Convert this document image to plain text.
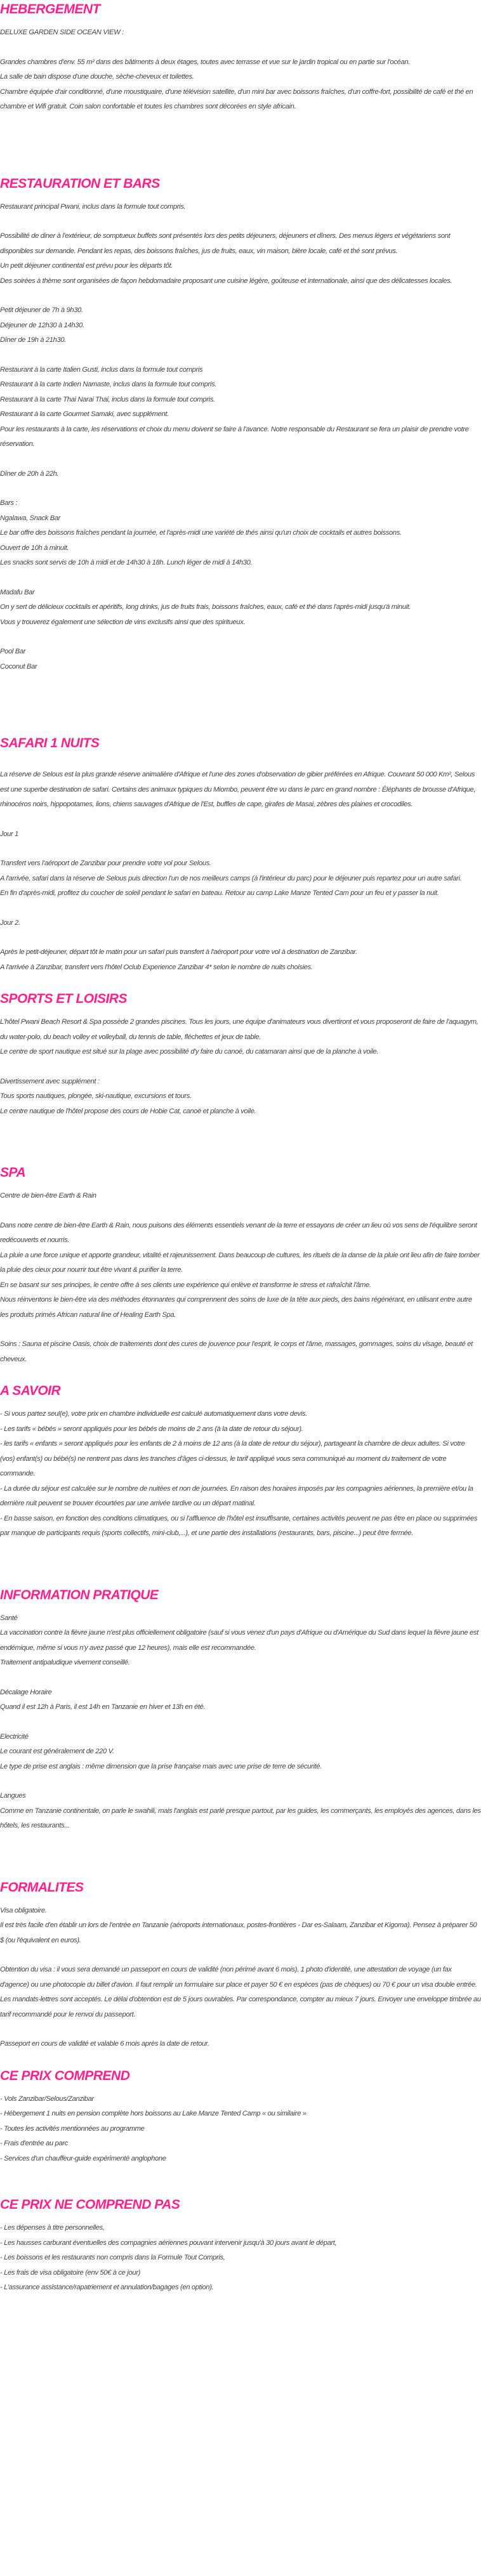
HEBERGEMENT

DELUXE GARDEN SIDE OCEAN VIEW :

Grandes chambres d'env. 55 m² dans des bâtiments à deux étages, toutes avec terrasse et vue sur le jardin tropical ou en partie sur l'océan.

La salle de bain dispose d'une douche, sèche-cheveux et toilettes.

Chambre équipée d'air conditionné, d'une moustiquaire, d'une télévision satellite, d'un mini bar avec boissons fraîches, d'un coffre-fort, possibilité de café et thé en chambre et Wifi gratuit. Coin salon confortable et toutes les chambres sont décorées en style africain.

RESTAURATION ET BARS

Restaurant principal Pwani, inclus dans la formule tout compris.

Possibilité de diner à l'extérieur, de somptueux buffets sont présentés lors des petits déjeuners, déjeuners et dîners. Des menus légers et végétariens sont disponibles sur demande. Pendant les repas, des boissons fraîches, jus de fruits, eaux, vin maison, bière locale, café et thé sont prévus.

Un petit déjeuner continental est prévu pour les départs tôt.

Des soirées à thème sont organisées de façon hebdomadaire proposant une cuisine légère, goûteuse et internationale, ainsi que des délicatesses locales.

Petit déjeuner de 7h à 9h30.

Déjeuner de 12h30 à 14h30.

Dîner de 19h à 21h30.

Restaurant à la carte Italien Gusti, inclus dans la formule tout compris

Restaurant à la carte Indien Namaste, inclus dans la formule tout compris.

Restaurant à la carte Thai Narai Thai, inclus dans la formule tout compris.

Restaurant à la carte Gourmet Samaki, avec supplément.

Pour les restaurants à la carte, les réservations et choix du menu doivent se faire à l'avance. Notre responsable du Restaurant se fera un plaisir de prendre votre réservation.

Dîner de 20h à 22h.

Bars :

Ngalawa, Snack Bar

Le bar offre des boissons fraîches pendant la journée, et l'après-midi une variété de thés ainsi qu'un choix de cocktails et autres boissons.

Ouvert de 10h à minuit.

Les snacks sont servis de 10h à midi et de 14h30 à 18h. Lunch léger de midi à 14h30.

Madafu Bar

On y sert de délicieux cocktails et apéritifs, long drinks, jus de fruits frais, boissons fraîches, eaux, café et thé dans l'après-midi jusqu'à minuit.

Vous y trouverez également une sélection de vins exclusifs ainsi que des spiritueux.

Pool Bar

Coconut Bar

SAFARI 1 NUITS

La réserve de Selous est la plus grande réserve animalière d'Afrique et l'une des zones d'observation de gibier préférées en Afrique. Couvrant 50 000 Km², Selous est une superbe destination de safari. Certains des animaux typiques du Miombo, peuvent être vu dans le parc en grand nombre : Éléphants de brousse d'Afrique, rhinocéros noirs, hippopotames, lions, chiens sauvages d'Afrique de l'Est, buffles de cape, girafes de Masai, zèbres des plaines et crocodiles.

Jour 1

Transfert vers l'aéroport de Zanzibar pour prendre votre vol pour Selous.

A l'arrivée, safari dans la réserve de Selous puis direction l'un de nos meilleurs camps (à l'intérieur du parc) pour le déjeuner puis repartez pour un autre safari.

En fin d'après-midi, profitez du coucher de soleil pendant le safari en bateau. Retour au camp Lake Manze Tented Cam pour un feu et y passer la nuit.

Jour 2.

Après le petit-déjeuner, départ tôt le matin pour un safari puis transfert à l'aéroport pour votre vol à destination de Zanzibar.

A l'arrivée à Zanzibar, transfert vers l'hôtel Oclub Experience Zanzibar 4* selon le nombre de nuits choisies.

SPORTS ET LOISIRS

L'hôtel Pwani Beach Resort & Spa possède 2 grandes piscines. Tous les jours, une équipe d'animateurs vous divertiront et vous proposeront de faire de l'aquagym, du water-polo, du beach volley et volleyball, du tennis de table, fléchettes et jeux de table.

Le centre de sport nautique est situé sur la plage avec possibilité d'y faire du canoé, du catamaran ainsi que de la planche à voile.

Divertissement avec supplément :

Tous sports nautiques, plongée, ski-nautique, excursions et tours.

Le centre nautique de l'hôtel propose des cours de Hobie Cat, canoë et planche à voile.

SPA

Centre de bien-être Earth & Rain

Dans notre centre de bien-être Earth & Rain, nous puisons des éléments essentiels venant de la terre et essayons de créer un lieu où vos sens de l'équilibre seront redécouverts et nourris.

La pluie a une force unique et apporte grandeur, vitalité et rajeunissement. Dans beaucoup de cultures, les rituels de la danse de la pluie ont lieu afin de faire tomber la pluie des cieux pour nourrir tout être vivant & purifier la terre.

En se basant sur ses principes, le centre offre à ses clients une expérience qui enlève et transforme le stress et rafraîchit l'âme.

Nous réinventons le bien-être via des méthodes étonnantes qui comprennent des soins de luxe de la tête aux pieds, des bains régénérant, en utilisant entre autre les produits primés African natural line of Healing Earth Spa.

Soins : Sauna et piscine Oasis, choix de traitements dont des cures de jouvence pour l'esprit, le corps et l'âme, massages, gommages, soins du visage, beauté et cheveux.

A SAVOIR

- Si vous partez seul(e), votre prix en chambre individuelle est calculé automatiquement dans votre devis.

- Les tarifs « bébés » seront appliqués pour les bébés de moins de 2 ans (à la date de retour du séjour).

- les tarifs « enfants » seront appliqués pour les enfants de 2 à moins de 12 ans (à la date de retour du séjour), partageant la chambre de deux adultes. Si votre (vos) enfant(s) ou bébé(s) ne rentrent pas dans les tranches d'âges ci-dessus, le tarif appliqué vous sera communiqué au moment du traitement de votre commande.

- La durée du séjour est calculée sur le nombre de nuitées et non de journées. En raison des horaires imposés par les compagnies aériennes, la première et/ou la dernière nuit peuvent se trouver écourtées par une arrivée tardive ou un départ matinal.

- En basse saison, en fonction des conditions climatiques, ou si l'affluence de l'hôtel est insuffisante, certaines activités peuvent ne pas être en place ou supprimées par manque de participants requis (sports collectifs, mini-club,...), et une partie des installations (restaurants, bars, piscine...) peut être fermée.

INFORMATION PRATIQUE

Santé

La vaccination contre la fièvre jaune n'est plus officiellement obligatoire (sauf si vous venez d'un pays d'Afrique ou d'Amérique du Sud dans lequel la fièvre jaune est endémique, même si vous n'y avez passé que 12 heures), mais elle est recommandée.

Traitement antipaludique vivement conseillé.

Décalage Horaire

Quand il est 12h à Paris, il est 14h en Tanzanie en hiver et 13h en été.

Electricité

Le courant est généralement de 220 V.

Le type de prise est anglais : même dimension que la prise française mais avec une prise de terre de sécurité.

Langues

Comme en Tanzanie continentale, on parle le swahili, mais l'anglais est parlé presque partout, par les guides, les commerçants, les employés des agences, dans les hôtels, les restaurants...

FORMALITES

Visa obligatoire.

Il est très facile d'en établir un lors de l'entrée en Tanzanie (aéroports internationaux, postes-frontières - Dar es-Salaam, Zanzibar et Kigoma). Pensez à préparer 50 $ (ou l'équivalent en euros).

Obtention du visa : il vous sera demandé un passeport en cours de validité (non périmé avant 6 mois), 1 photo d'identité, une attestation de voyage (un fax d'agence) ou une photocopie du billet d'avion. Il faut remplir un formulaire sur place et payer 50 € en espèces (pas de chèques) ou 70 € pour un visa double entrée. Les mandats-lettres sont acceptés. Le délai d'obtention est de 5 jours ouvrables. Par correspondance, compter au mieux 7 jours. Envoyer une enveloppe timbrée au tarif recommandé pour le renvoi du passeport.

Passeport en cours de validité et valable 6 mois après la date de retour.

CE PRIX COMPREND

- Vols Zanzibar/Selous/Zanzibar

- Hébergement 1 nuits en pension complète hors boissons au Lake Manze Tented Camp « ou similaire »

- Toutes les activités mentionnées au programme

- Frais d'entrée au parc

- Services d'un chauffeur-guide expérimenté anglophone

CE PRIX NE COMPREND PAS

- Les dépenses à titre personnelles,

- Les hausses carburant éventuelles des compagnies aériennes pouvant intervenir jusqu'à 30 jours avant le départ,

- Les boissons et les restaurants non compris dans la Formule Tout Compris,

- Les frais de visa obligatoire (env 50€ à ce jour)

- L'assurance assistance/rapatriement et annulation/bagages (en option).
